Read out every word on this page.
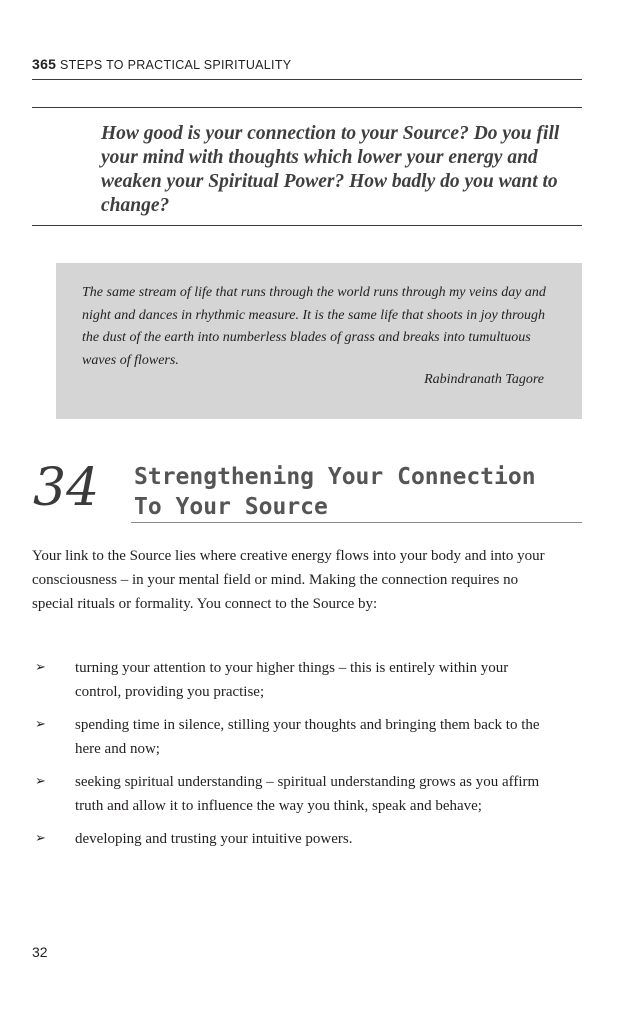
365 STEPS TO PRACTICAL SPIRITUALITY
How good is your connection to your Source? Do you fill your mind with thoughts which lower your energy and weaken your Spiritual Power? How badly do you want to change?
The same stream of life that runs through the world runs through my veins day and night and dances in rhythmic measure. It is the same life that shoots in joy through the dust of the earth into numberless blades of grass and breaks into tumultuous waves of flowers.
Rabindranath Tagore
34 Strengthening Your Connection
To Your Source

Your link to the Source lies where creative energy flows into your body and into your consciousness – in your mental field or mind. Making the connection requires no special rituals or formality. You connect to the Source by:

➢ turning your attention to your higher things – this is entirely within your control, providing you practise;
➢ spending time in silence, stilling your thoughts and bringing them back to the here and now;
➢ seeking spiritual understanding – spiritual understanding grows as you affirm truth and allow it to influence the way you think, speak and behave;
➢ developing and trusting your intuitive powers.
32
